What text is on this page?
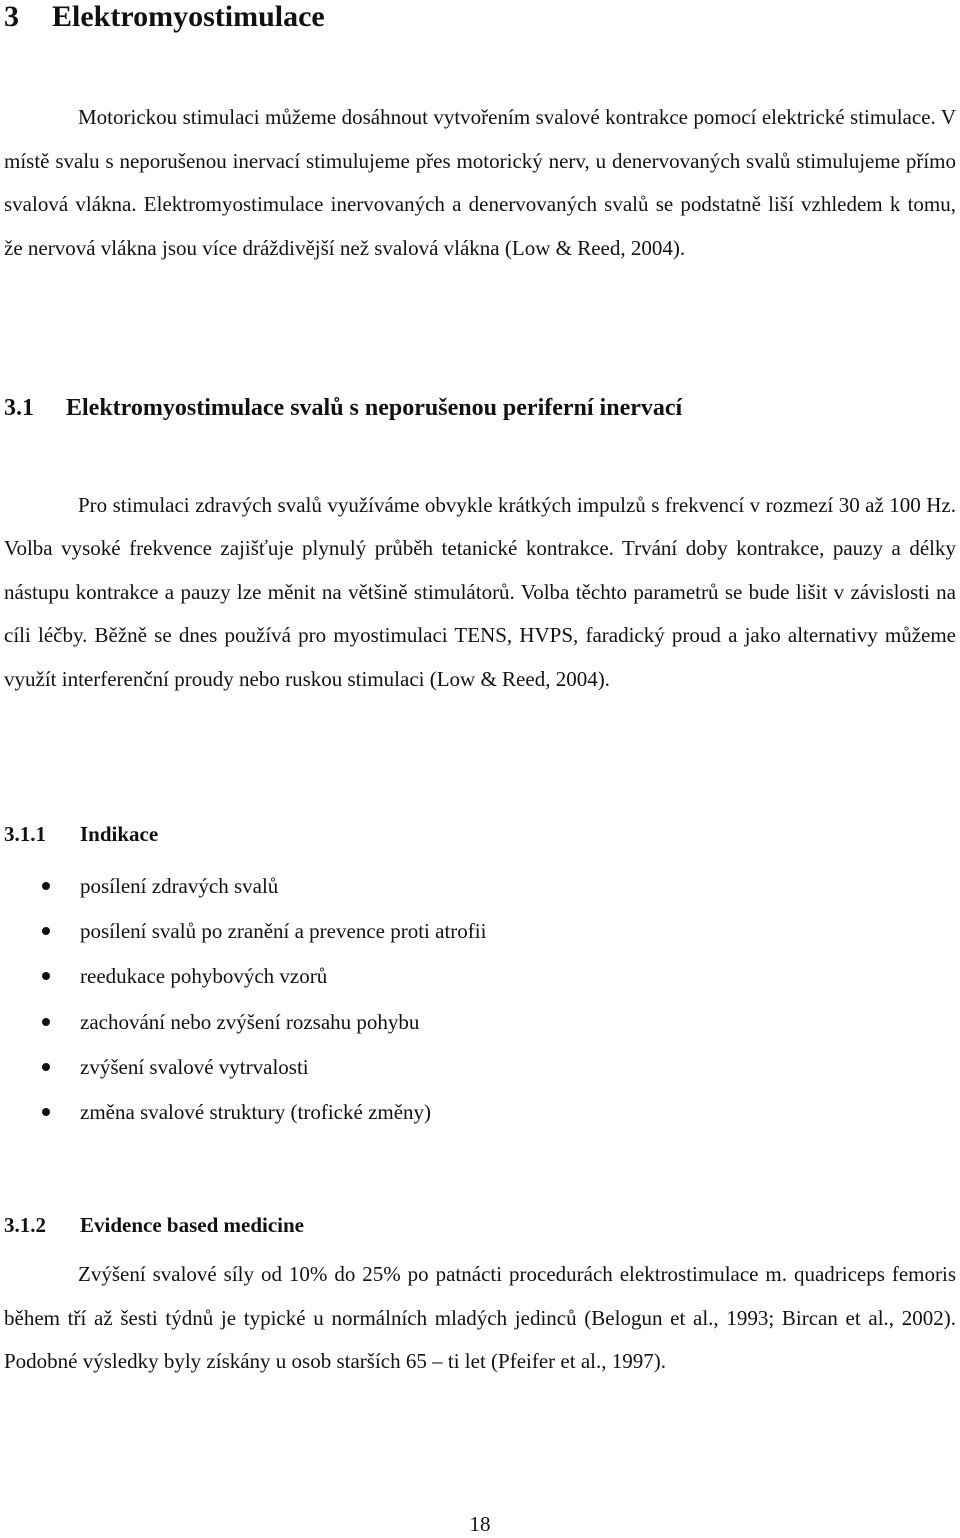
3 Elektromyostimulace

Motorickou stimulaci můžeme dosáhnout vytvořením svalové kontrakce pomocí elektrické stimulace. V místě svalu s neporušenou inervací stimulujeme přes motorický nerv, u denervovaných svalů stimulujeme přímo svalová vlákna. Elektromyostimulace inervovaných a denervovaných svalů se podstatně liší vzhledem k tomu, že nervová vlákna jsou více dráždivější než svalová vlákna (Low & Reed, 2004).

3.1 Elektromyostimulace svalů s neporušenou periferní inervací

Pro stimulaci zdravých svalů využíváme obvykle krátkých impulzů s frekvencí v rozmezí 30 až 100 Hz. Volba vysoké frekvence zajišťuje plynulý průběh tetanické kontrakce. Trvání doby kontrakce, pauzy a délky nástupu kontrakce a pauzy lze měnit na většině stimulátorů. Volba těchto parametrů se bude lišit v závislosti na cíli léčby. Běžně se dnes používá pro myostimulaci TENS, HVPS, faradický proud a jako alternativy můžeme využít interferenční proudy nebo ruskou stimulaci (Low & Reed, 2004).

3.1.1 Indikace
posílení zdravých svalů
posílení svalů po zranění a prevence proti atrofii
reedukace pohybových vzorů
zachování nebo zvýšení rozsahu pohybu
zvýšení svalové vytrvalosti
změna svalové struktury (trofické změny)
3.1.2 Evidence based medicine

Zvýšení svalové síly od 10% do 25% po patnácti procedurách elektrostimulace m. quadriceps femoris během tří až šesti týdnů je typické u normálních mladých jedinců (Belogun et al., 1993; Bircan et al., 2002). Podobné výsledky byly získány u osob starších 65 – ti let (Pfeifer et al., 1997).

18
